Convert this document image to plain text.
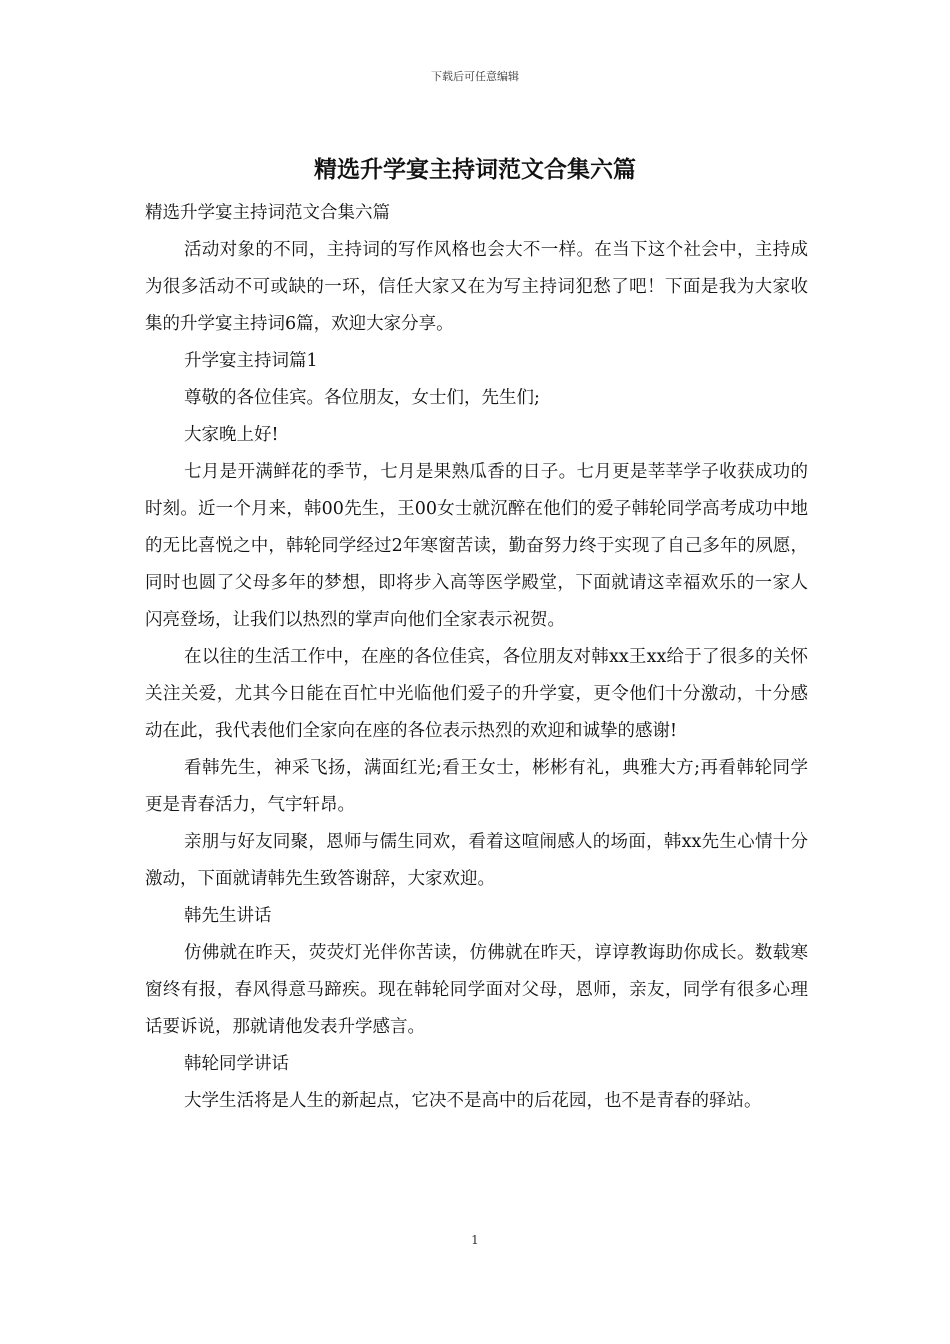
下载后可任意编辑
精选升学宴主持词范文合集六篇

精选升学宴主持词范文合集六篇

活动对象的不同，主持词的写作风格也会大不一样。在当下这个社会中，主持成为很多活动不可或缺的一环，信任大家又在为写主持词犯愁了吧！下面是我为大家收集的升学宴主持词6篇，欢迎大家分享。

升学宴主持词篇1

尊敬的各位佳宾。各位朋友，女士们，先生们;

大家晚上好!

七月是开满鲜花的季节，七月是果熟瓜香的日子。七月更是莘莘学子收获成功的时刻。近一个月来，韩00先生，王00女士就沉醉在他们的爱子韩轮同学高考成功中地的无比喜悦之中，韩轮同学经过2年寒窗苦读，勤奋努力终于实现了自己多年的夙愿，同时也圆了父母多年的梦想，即将步入高等医学殿堂，下面就请这幸福欢乐的一家人闪亮登场，让我们以热烈的掌声向他们全家表示祝贺。

在以往的生活工作中，在座的各位佳宾，各位朋友对韩xx王xx给于了很多的关怀关注关爱，尤其今日能在百忙中光临他们爱子的升学宴，更令他们十分激动，十分感动在此，我代表他们全家向在座的各位表示热烈的欢迎和诚挚的感谢!

看韩先生，神采飞扬，满面红光;看王女士，彬彬有礼，典雅大方;再看韩轮同学更是青春活力，气宇轩昂。

亲朋与好友同聚，恩师与儒生同欢，看着这喧闹感人的场面，韩xx先生心情十分激动，下面就请韩先生致答谢辞，大家欢迎。

韩先生讲话

仿佛就在昨天，荧荧灯光伴你苦读，仿佛就在昨天，谆谆教诲助你成长。数载寒窗终有报，春风得意马蹄疾。现在韩轮同学面对父母，恩师，亲友，同学有很多心理话要诉说，那就请他发表升学感言。

韩轮同学讲话

大学生活将是人生的新起点，它决不是高中的后花园，也不是青春的驿站。

1
